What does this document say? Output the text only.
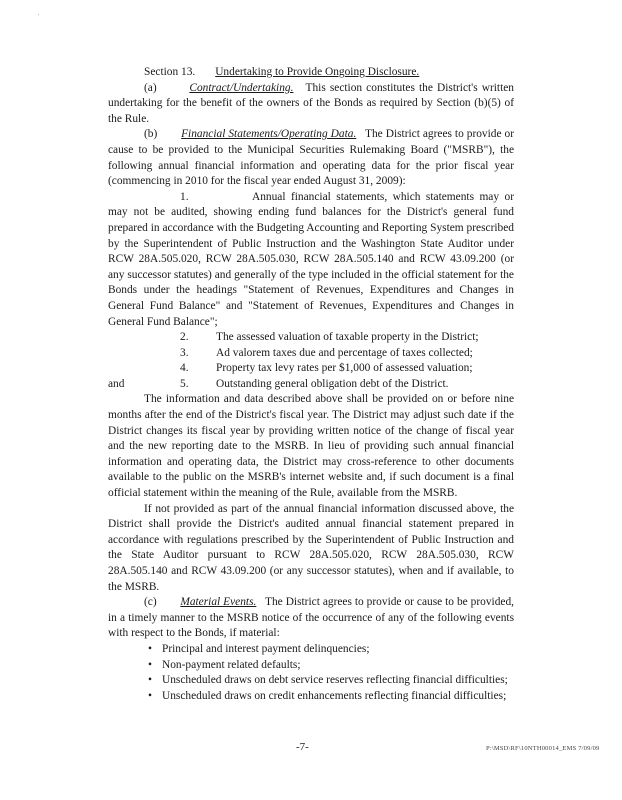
'

Section 13. Undertaking to Provide Ongoing Disclosure.

(a)	Contract/Undertaking. This section constitutes the District's written undertaking for the benefit of the owners of the Bonds as required by Section (b)(5) of the Rule.

(b) Financial Statements/Operating Data. The District agrees to provide or cause to be provided to the Municipal Securities Rulemaking Board ("MSRB"), the following annual financial information and operating data for the prior fiscal year (commencing in 2010 for the fiscal year ended August 31, 2009):

1.	Annual financial statements, which statements may or may not be audited, showing ending fund balances for the District's general fund prepared in accordance with the Budgeting Accounting and Reporting System prescribed by the Superintendent of Public Instruction and the Washington State Auditor under RCW 28A.505.020, RCW 28A.505.030, RCW 28A.505.140 and RCW 43.09.200 (or any successor statutes) and generally of the type included in the official statement for the Bonds under the headings "Statement of Revenues, Expenditures and Changes in General Fund Balance" and "Statement of Revenues, Expenditures and Changes in General Fund Balance";

2.	The assessed valuation of taxable property in the District;
3.	Ad valorem taxes due and percentage of taxes collected;
4.	Property tax levy rates per $1,000 of assessed valuation;

and	5.	Outstanding general obligation debt of the District.

The information and data described above shall be provided on or before nine months after the end of the District's fiscal year. The District may adjust such date if the District changes its fiscal year by providing written notice of the change of fiscal year and the new reporting date to the MSRB. In lieu of providing such annual financial information and operating data, the District may cross-reference to other documents available to the public on the MSRB's internet website and, if such document is a final official statement within the meaning of the Rule, available from the MSRB.

If not provided as part of the annual financial information discussed above, the District shall provide the District's audited annual financial statement prepared in accordance with regulations prescribed by the Superintendent of Public Instruction and the State Auditor pursuant to RCW 28A.505.020, RCW 28A.505.030, RCW 28A.505.140 and RCW 43.09.200 (or any successor statutes), when and if available, to the MSRB.

(c) Material Events. The District agrees to provide or cause to be provided, in a timely manner to the MSRB notice of the occurrence of any of the following events with respect to the Bonds, if material:

• Principal and interest payment delinquencies;
• Non-payment related defaults;
• Unscheduled draws on debt service reserves reflecting financial difficulties;
• Unscheduled draws on credit enhancements reflecting financial difficulties;
-7-	P:\MSD\RF\10NTH00014_EMS 7/09/09
